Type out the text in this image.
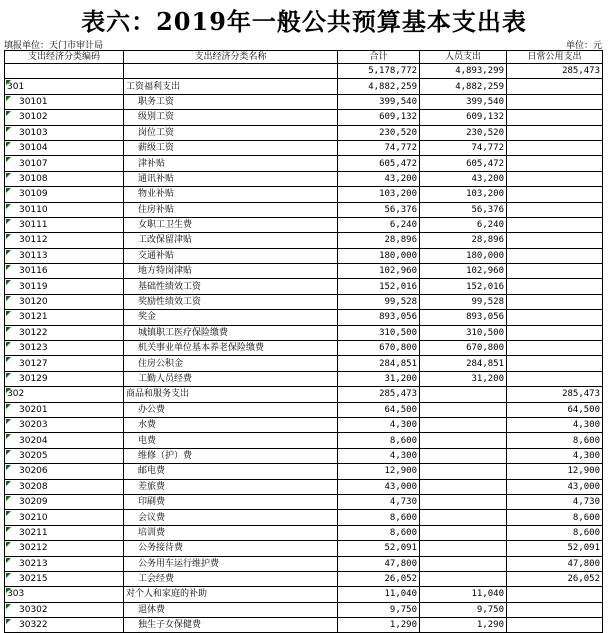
表六：2019年一般公共预算基本支出表
填报单位：天门市审计局	单位：元
支出经济分类编码	支出经济分类名称	合计	人员支出	日常公用支出
		5,178,772	4,893,299	285,473

301	工资福利支出	4,882,259	4,882,259	

30101	职务工资	399,540	399,540	

30102	级别工资	609,132	609,132	

30103	岗位工资	230,520	230,520	

30104	薪级工资	74,772	74,772	

30107	津补贴	605,472	605,472	

30108	通讯补贴	43,200	43,200	

30109	物业补贴	103,200	103,200	

30110	住房补贴	56,376	56,376	

30111	女职工卫生费	6,240	6,240	

30112	工改保留津贴	28,896	28,896	

30113	交通补贴	180,000	180,000	

30116	地方特岗津贴	102,960	102,960	

30119	基础性绩效工资	152,016	152,016	

30120	奖励性绩效工资	99,528	99,528	

30121	奖金	893,056	893,056	

30122	城镇职工医疗保险缴费	310,500	310,500	

30123	机关事业单位基本养老保险缴费	670,800	670,800	

30127	住房公积金	284,851	284,851	

30129	工勤人员经费	31,200	31,200	

302	商品和服务支出	285,473		285,473

30201	办公费	64,500		64,500

30203	水费	4,300		4,300

30204	电费	8,600		8,600

30205	维修（护）费	4,300		4,300

30206	邮电费	12,900		12,900

30208	差旅费	43,000		43,000

30209	印刷费	4,730		4,730

30210	会议费	8,600		8,600

30211	培训费	8,600		8,600

30212	公务接待费	52,091		52,091

30213	公务用车运行维护费	47,800		47,800

30215	工会经费	26,052		26,052

303	对个人和家庭的补助	11,040	11,040	

30302	退休费	9,750	9,750	

30322	独生子女保健费	1,290	1,290	
